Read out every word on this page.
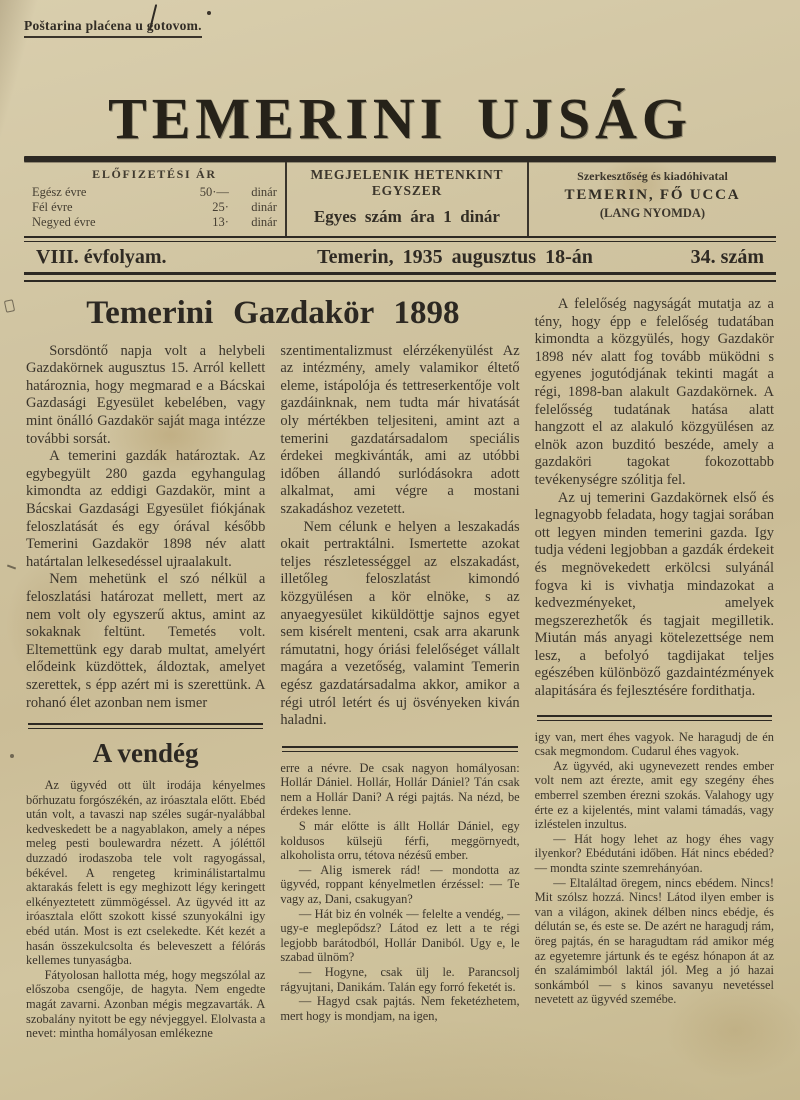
Poštarina plaćena u gotovom.
TEMERINI UJSÁG
ELŐFIZETÉSI ÁR
Egész évre	50·—	dinár
Fél évre	25·	dinár
Negyed évre	13·	dinár
MEGJELENIK HETENKINT EGYSZER
Egyes szám ára 1 dinár
Szerkesztőség és kiadóhivatal
TEMERIN, FŐ UCCA
(LANG NYOMDA)
VIII. évfolyam.	Temerin, 1935 augusztus 18-án	34. szám
Temerini Gazdakör 1898

Sorsdöntő napja volt a helybeli Gazdakörnek augusztus 15. Arról kellett határoznia, hogy megmarad e a Bácskai Gazdasági Egyesület kebelében, vagy mint önálló Gazdakör saját maga intézze további sorsát.

A temerini gazdák határoztak. Az egybegyült 280 gazda egyhangulag kimondta az eddigi Gazdakör, mint a Bácskai Gazdasági Egyesület fiókjának feloszlatását és egy órával később Temerini Gazdakör 1898 név alatt határtalan lelkesedéssel ujraalakult.

Nem mehetünk el szó nélkül a feloszlatási határozat mellett, mert az nem volt oly egyszerű aktus, amint az sokaknak feltünt. Temetés volt. Eltemettünk egy darab multat, amelyért elődeink küzdöttek, áldoztak, amelyet szerettek, s épp azért mi is szerettünk. A rohanó élet azonban nem ismer

A vendég

Az ügyvéd ott ült irodája kényelmes bőrhuzatu forgószékén, az iróasztala előtt. Ebéd után volt, a tavaszi nap széles sugár-nyalábbal kedveskedett be a nagyablakon, amely a népes meleg pesti boulewardra nézett. A jóléttől duzzadó irodaszoba tele volt ragyogással, békével. A rengeteg kriminálistartalmu aktarakás felett is egy meghizott légy keringett elkényeztetett zümmögéssel. Az ügyvéd itt az iróasztala előtt szokott kissé szunyokálni igy ebéd után. Most is ezt cselekedte. Két kezét a hasán összekulcsolta és beleveszett a félórás kellemes tunyaságba.

Fátyolosan hallotta még, hogy megszólal az előszoba csengője, de hagyta. Nem engedte magát zavarni. Azonban mégis megzavarták. A szobalány nyitott be egy névjeggyel. Elolvasta a nevet: mintha homályosan emlékezne

szentimentalizmust elérzékenyülést Az az intézmény, amely valamikor éltető eleme, istápolója és tettreserkentője volt gazdáinknak, nem tudta már hivatását oly mértékben teljesiteni, amint azt a temerini gazdatársadalom speciális érdekei megkivánták, ami az utóbbi időben állandó surlódásokra adott alkalmat, ami végre a mostani szakadáshoz vezetett.

Nem célunk e helyen a leszakadás okait pertraktálni. Ismertette azokat teljes részletességgel az elszakadást, illetőleg feloszlatást kimondó közgyülésen a kör elnöke, s az anyaegyesület kiküldöttje sajnos egyet sem kisérelt menteni, csak arra akarunk rámutatni, hogy óriási felelőséget vállalt magára a vezetőség, valamint Temerin egész gazdatársadalma akkor, amikor a régi utról letért és uj ösvényeken kiván haladni.

erre a névre. De csak nagyon homályosan: Hollár Dániel. Hollár, Hollár Dániel? Tán csak nem a Hollár Dani? A régi pajtás. Na nézd, be érdekes lenne.

S már előtte is állt Hollár Dániel, egy koldusos külsejü férfi, meggörnyedt, alkoholista orru, tétova nézésű ember.

— Alig ismerek rád! — mondotta az ügyvéd, roppant kényelmetlen érzéssel: — Te vagy az, Dani, csakugyan?

— Hát biz én volnék — felelte a vendég, — ugy-e meglepődsz? Látod ez lett a te régi legjobb barátodból, Hollár Daniból. Ugy e, le szabad ülnöm?

— Hogyne, csak ülj le. Parancsolj rágyujtani, Danikám. Talán egy forró feketét is.

— Hagyd csak pajtás. Nem feketézhetem, mert hogy is mondjam, na igen,

A felelőség nagyságát mutatja az a tény, hogy épp e felelőség tudatában kimondta a közgyülés, hogy Gazdakör 1898 név alatt fog tovább müködni s egyenes jogutódjának tekinti magát a régi, 1898-ban alakult Gazdakörnek. A felelősség tudatának hatása alatt hangzott el az alakuló közgyülésen az elnök azon buzditó beszéde, amely a gazdaköri tagokat fokozottabb tevékenységre szólitja fel.

Az uj temerini Gazdakörnek első és legnagyobb feladata, hogy tagjai sorában ott legyen minden temerini gazda. Igy tudja védeni legjobban a gazdák érdekeit és megnövekedett erkölcsi sulyánál fogva ki is vivhatja mindazokat a kedvezményeket, amelyek megszerezhetők és tagjait megilletik. Miután más anyagi kötelezettsége nem lesz, a befolyó tagdijakat teljes egészében különböző gazdaintézmények alapitására és fejlesztésére fordithatja.

igy van, mert éhes vagyok. Ne haragudj de én csak megmondom. Cudarul éhes vagyok.

Az ügyvéd, aki ugynevezett rendes ember volt nem azt érezte, amit egy szegény éhes emberrel szemben érezni szokás. Valahogy ugy érte ez a kijelentés, mint valami támadás, vagy izléstelen inzultus.

— Hát hogy lehet az hogy éhes vagy ilyenkor? Ebédutáni időben. Hát nincs ebéded? — mondta szinte szemrehányóan.

— Eltaláltad öregem, nincs ebédem. Nincs! Mit szólsz hozzá. Nincs! Látod ilyen ember is van a világon, akinek délben nincs ebédje, és délután se, és este se. De azért ne haragudj rám, öreg pajtás, én se haragudtam rád amikor még az egyetemre jártunk és te egész hónapon át az én szalámimból laktál jól. Meg a jó hazai sonkámból — s kinos savanyu nevetéssel nevetett az ügyvéd szemébe.
